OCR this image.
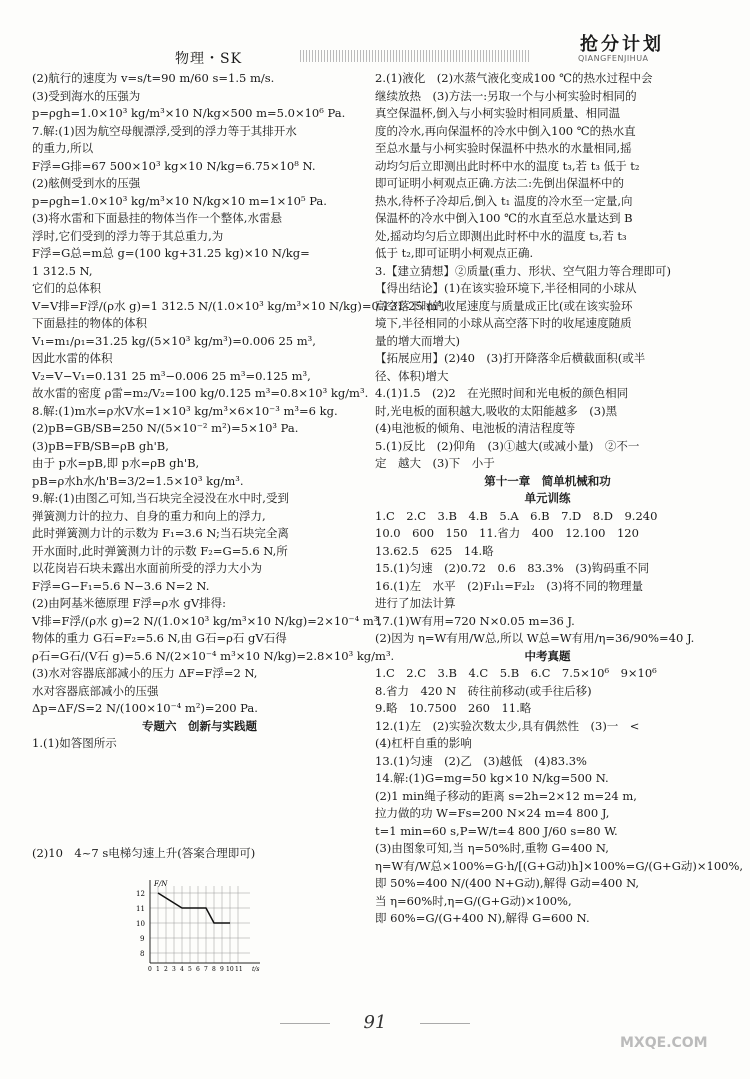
物理・SK
抢分计划
QIANGFENJIHUA
(2)航行的速度为 v=s/t=90 m/60 s=1.5 m/s.
(3)受到海水的压强为
p=ρgh=1.0×10³ kg/m³×10 N/kg×500 m=5.0×10⁶ Pa.
7.解:(1)因为航空母舰漂浮,受到的浮力等于其排开水
的重力,所以
F浮=G排=67 500×10³ kg×10 N/kg=6.75×10⁸ N.
(2)舷侧受到水的压强
p=ρgh=1.0×10³ kg/m³×10 N/kg×10 m=1×10⁵ Pa.
(3)将水雷和下面悬挂的物体当作一个整体,水雷悬
浮时,它们受到的浮力等于其总重力,为
F浮=G总=m总 g=(100 kg+31.25 kg)×10 N/kg=
1 312.5 N,
它们的总体积
V=V排=F浮/(ρ水 g)=1 312.5 N/(1.0×10³ kg/m³×10 N/kg)=0.131 25 m³,
下面悬挂的物体的体积
V₁=m₁/ρ₁=31.25 kg/(5×10³ kg/m³)=0.006 25 m³,
因此水雷的体积
V₂=V−V₁=0.131 25 m³−0.006 25 m³=0.125 m³,
故水雷的密度 ρ雷=m₂/V₂=100 kg/0.125 m³=0.8×10³ kg/m³.
8.解:(1)m水=ρ水V水=1×10³ kg/m³×6×10⁻³ m³=6 kg.
(2)pB=GB/SB=250 N/(5×10⁻² m²)=5×10³ Pa.
(3)pB=FB/SB=ρB gh'B,
由于 p水=pB,即 p水=ρB gh'B,
pB=ρ水h水/h'B=3/2=1.5×10³ kg/m³.
9.解:(1)由图乙可知,当石块完全浸没在水中时,受到
弹簧测力计的拉力、自身的重力和向上的浮力,
此时弹簧测力计的示数为 F₁=3.6 N;当石块完全离
开水面时,此时弹簧测力计的示数 F₂=G=5.6 N,所
以花岗岩石块未露出水面前所受的浮力大小为
F浮=G−F₁=5.6 N−3.6 N=2 N.
(2)由阿基米德原理 F浮=ρ水 gV排得:
V排=F浮/(ρ水 g)=2 N/(1.0×10³ kg/m³×10 N/kg)=2×10⁻⁴ m³,
物体的重力 G石=F₂=5.6 N,由 G石=ρ石 gV石得
ρ石=G石/(V石 g)=5.6 N/(2×10⁻⁴ m³×10 N/kg)=2.8×10³ kg/m³.
(3)水对容器底部减小的压力 ΔF=F浮=2 N,
水对容器底部减小的压强
Δp=ΔF/S=2 N/(100×10⁻⁴ m²)=200 Pa.
专题六　创新与实践题
1.(1)如答图所示
(2)10　4~7 s电梯匀速上升(答案合理即可)
F/N
t/s
12
11
10
9
8
0 1 2 3 4 5 6 7 8 9 10 11
2.(1)液化　(2)水蒸气液化变成100 ℃的热水过程中会
继续放热　(3)方法一:另取一个与小柯实验时相同的
真空保温杯,倒入与小柯实验时相同质量、相同温
度的冷水,再向保温杯的冷水中倒入100 ℃的热水直
至总水量与小柯实验时保温杯中热水的水量相同,摇
动均匀后立即测出此时杯中水的温度 t₃,若 t₃ 低于 t₂
即可证明小柯观点正确.方法二:先倒出保温杯中的
热水,待杯子冷却后,倒入 t₁ 温度的冷水至一定量,向
保温杯的冷水中倒入100 ℃的水直至总水量达到 B
处,摇动均匀后立即测出此时杯中水的温度 t₃,若 t₃
低于 t₂,即可证明小柯观点正确.
3.【建立猜想】②质量(重力、形状、空气阻力等合理即可)
【得出结论】(1)在该实验环境下,半径相同的小球从
高空落下时的收尾速度与质量成正比(或在该实验环
境下,半径相同的小球从高空落下时的收尾速度随质
量的增大而增大)
【拓展应用】(2)40　(3)打开降落伞后横截面积(或半
径、体积)增大
4.(1)1.5　(2)2　在光照时间和光电板的颜色相同
时,光电板的面积越大,吸收的太阳能越多　(3)黑
(4)电池板的倾角、电池板的清洁程度等
5.(1)反比　(2)仰角　(3)①越大(或减小量)　②不一
定　越大　(3)下　小于
第十一章　简单机械和功
单元训练
1.C　2.C　3.B　4.B　5.A　6.B　7.D　8.D　9.240
10.0　600　150　11.省力　400　12.100　120
13.62.5　625　14.略
15.(1)匀速　(2)0.72　0.6　83.3%　(3)钩码重不同
16.(1)左　水平　(2)F₁l₁=F₂l₂　(3)将不同的物理量
进行了加法计算
17.(1)W有用=720 N×0.05 m=36 J.
(2)因为 η=W有用/W总,所以 W总=W有用/η=36/90%=40 J.
中考真题
1.C　2.C　3.B　4.C　5.B　6.C　7.5×10⁶　9×10⁶
8.省力　420 N　砖往前移动(或手往后移)
9.略　10.7500　260　11.略
12.(1)左　(2)实验次数太少,具有偶然性　(3)一　<
(4)杠杆自重的影响
13.(1)匀速　(2)乙　(3)越低　(4)83.3%
14.解:(1)G=mg=50 kg×10 N/kg=500 N.
(2)1 min绳子移动的距离 s=2h=2×12 m=24 m,
拉力做的功 W=Fs=200 N×24 m=4 800 J,
t=1 min=60 s,P=W/t=4 800 J/60 s=80 W.
(3)由图象可知,当 η=50%时,重物 G=400 N,
η=W有/W总×100%=G·h/[(G+G动)h]×100%=G/(G+G动)×100%,
即 50%=400 N/(400 N+G动),解得 G动=400 N,
当 η=60%时,η=G/(G+G动)×100%,
即 60%=G/(G+400 N),解得 G=600 N.
91
MXQE.COM
